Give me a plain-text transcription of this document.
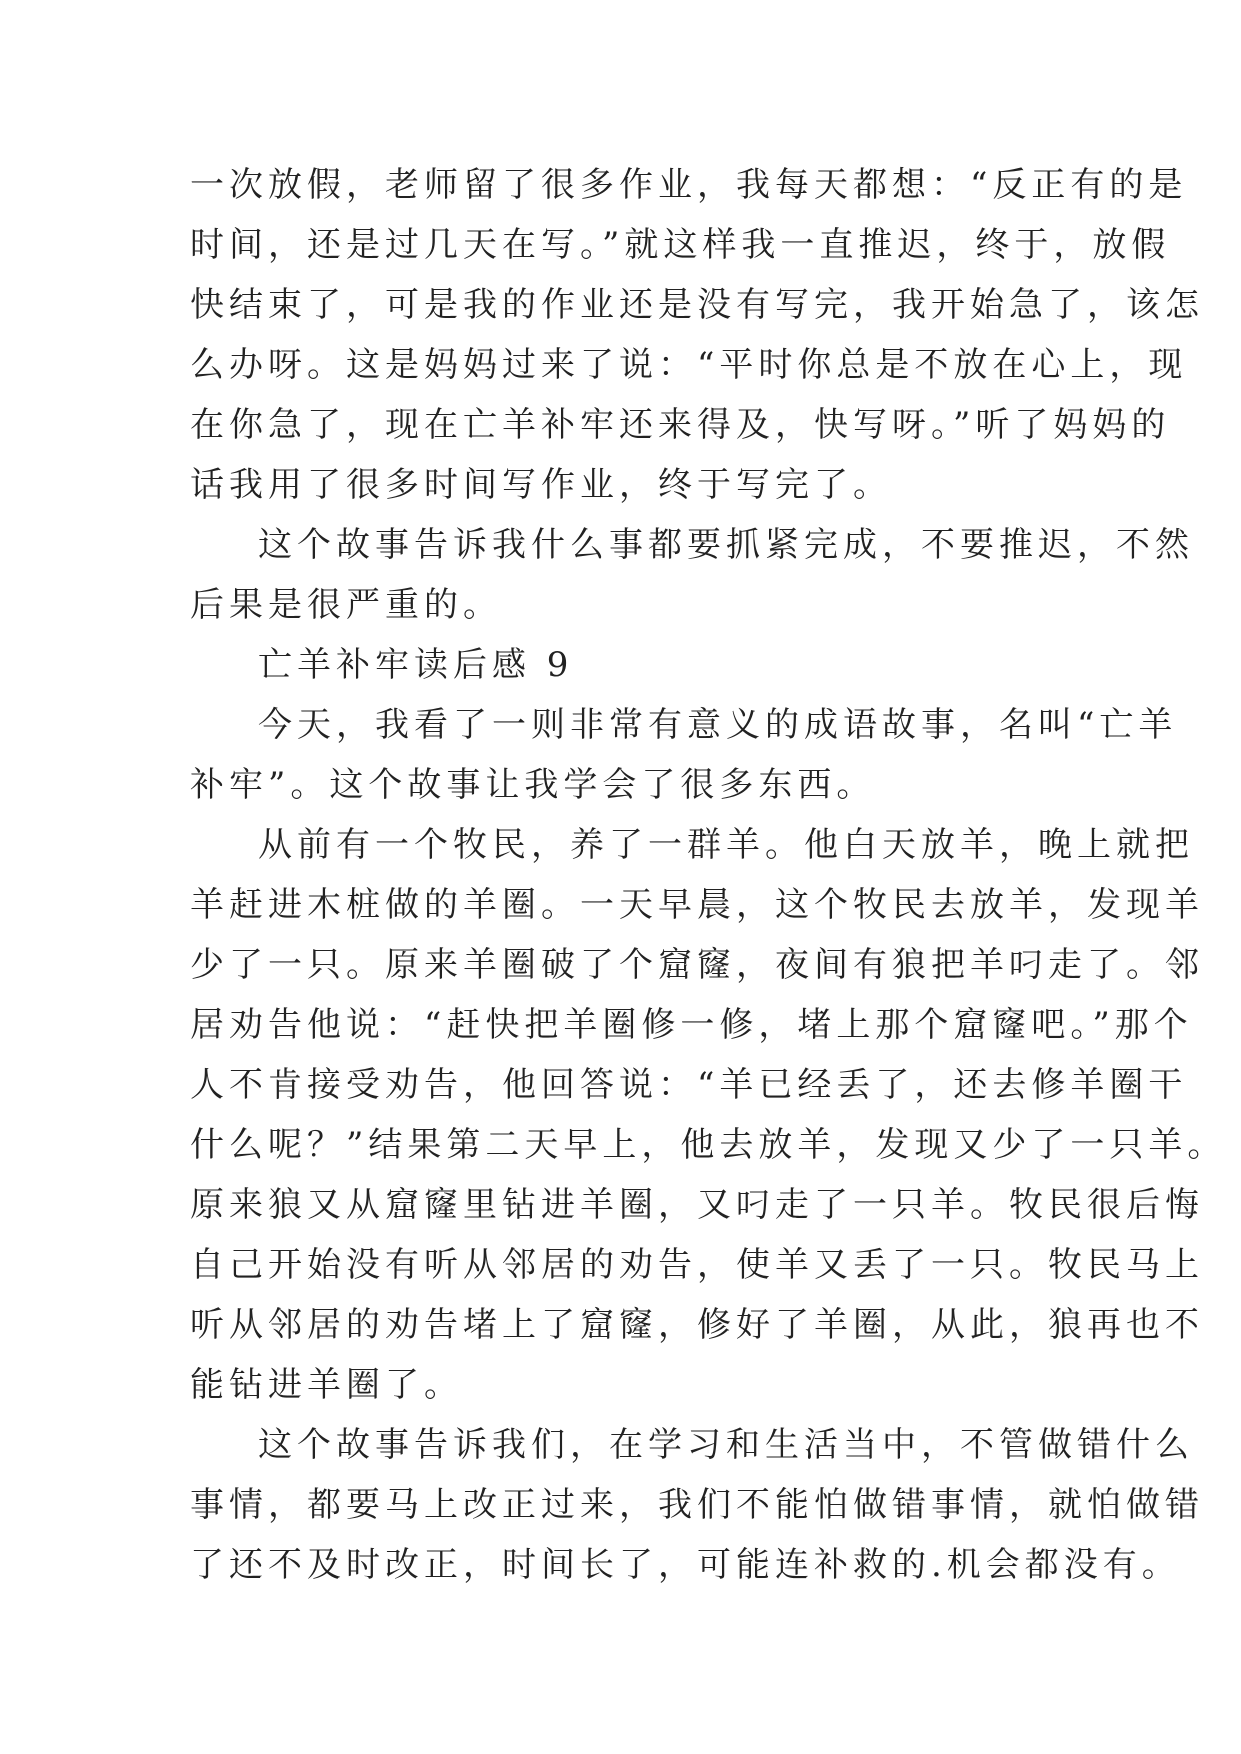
一次放假，老师留了很多作业，我每天都想：“反正有的是
时间，还是过几天在写。”就这样我一直推迟，终于，放假
快结束了，可是我的作业还是没有写完，我开始急了，该怎
么办呀。这是妈妈过来了说：“平时你总是不放在心上，现
在你急了，现在亡羊补牢还来得及，快写呀。”听了妈妈的
话我用了很多时间写作业，终于写完了。
这个故事告诉我什么事都要抓紧完成，不要推迟，不然
后果是很严重的。
亡羊补牢读后感 9
今天，我看了一则非常有意义的成语故事，名叫“亡羊
补牢”。这个故事让我学会了很多东西。
从前有一个牧民，养了一群羊。他白天放羊，晚上就把
羊赶进木桩做的羊圈。一天早晨，这个牧民去放羊，发现羊
少了一只。原来羊圈破了个窟窿，夜间有狼把羊叼走了。邻
居劝告他说：“赶快把羊圈修一修，堵上那个窟窿吧。”那个
人不肯接受劝告，他回答说：“羊已经丢了，还去修羊圈干
什么呢？”结果第二天早上，他去放羊，发现又少了一只羊。
原来狼又从窟窿里钻进羊圈，又叼走了一只羊。牧民很后悔
自己开始没有听从邻居的劝告，使羊又丢了一只。牧民马上
听从邻居的劝告堵上了窟窿，修好了羊圈，从此，狼再也不
能钻进羊圈了。
这个故事告诉我们，在学习和生活当中，不管做错什么
事情，都要马上改正过来，我们不能怕做错事情，就怕做错
了还不及时改正，时间长了，可能连补救的.机会都没有。
